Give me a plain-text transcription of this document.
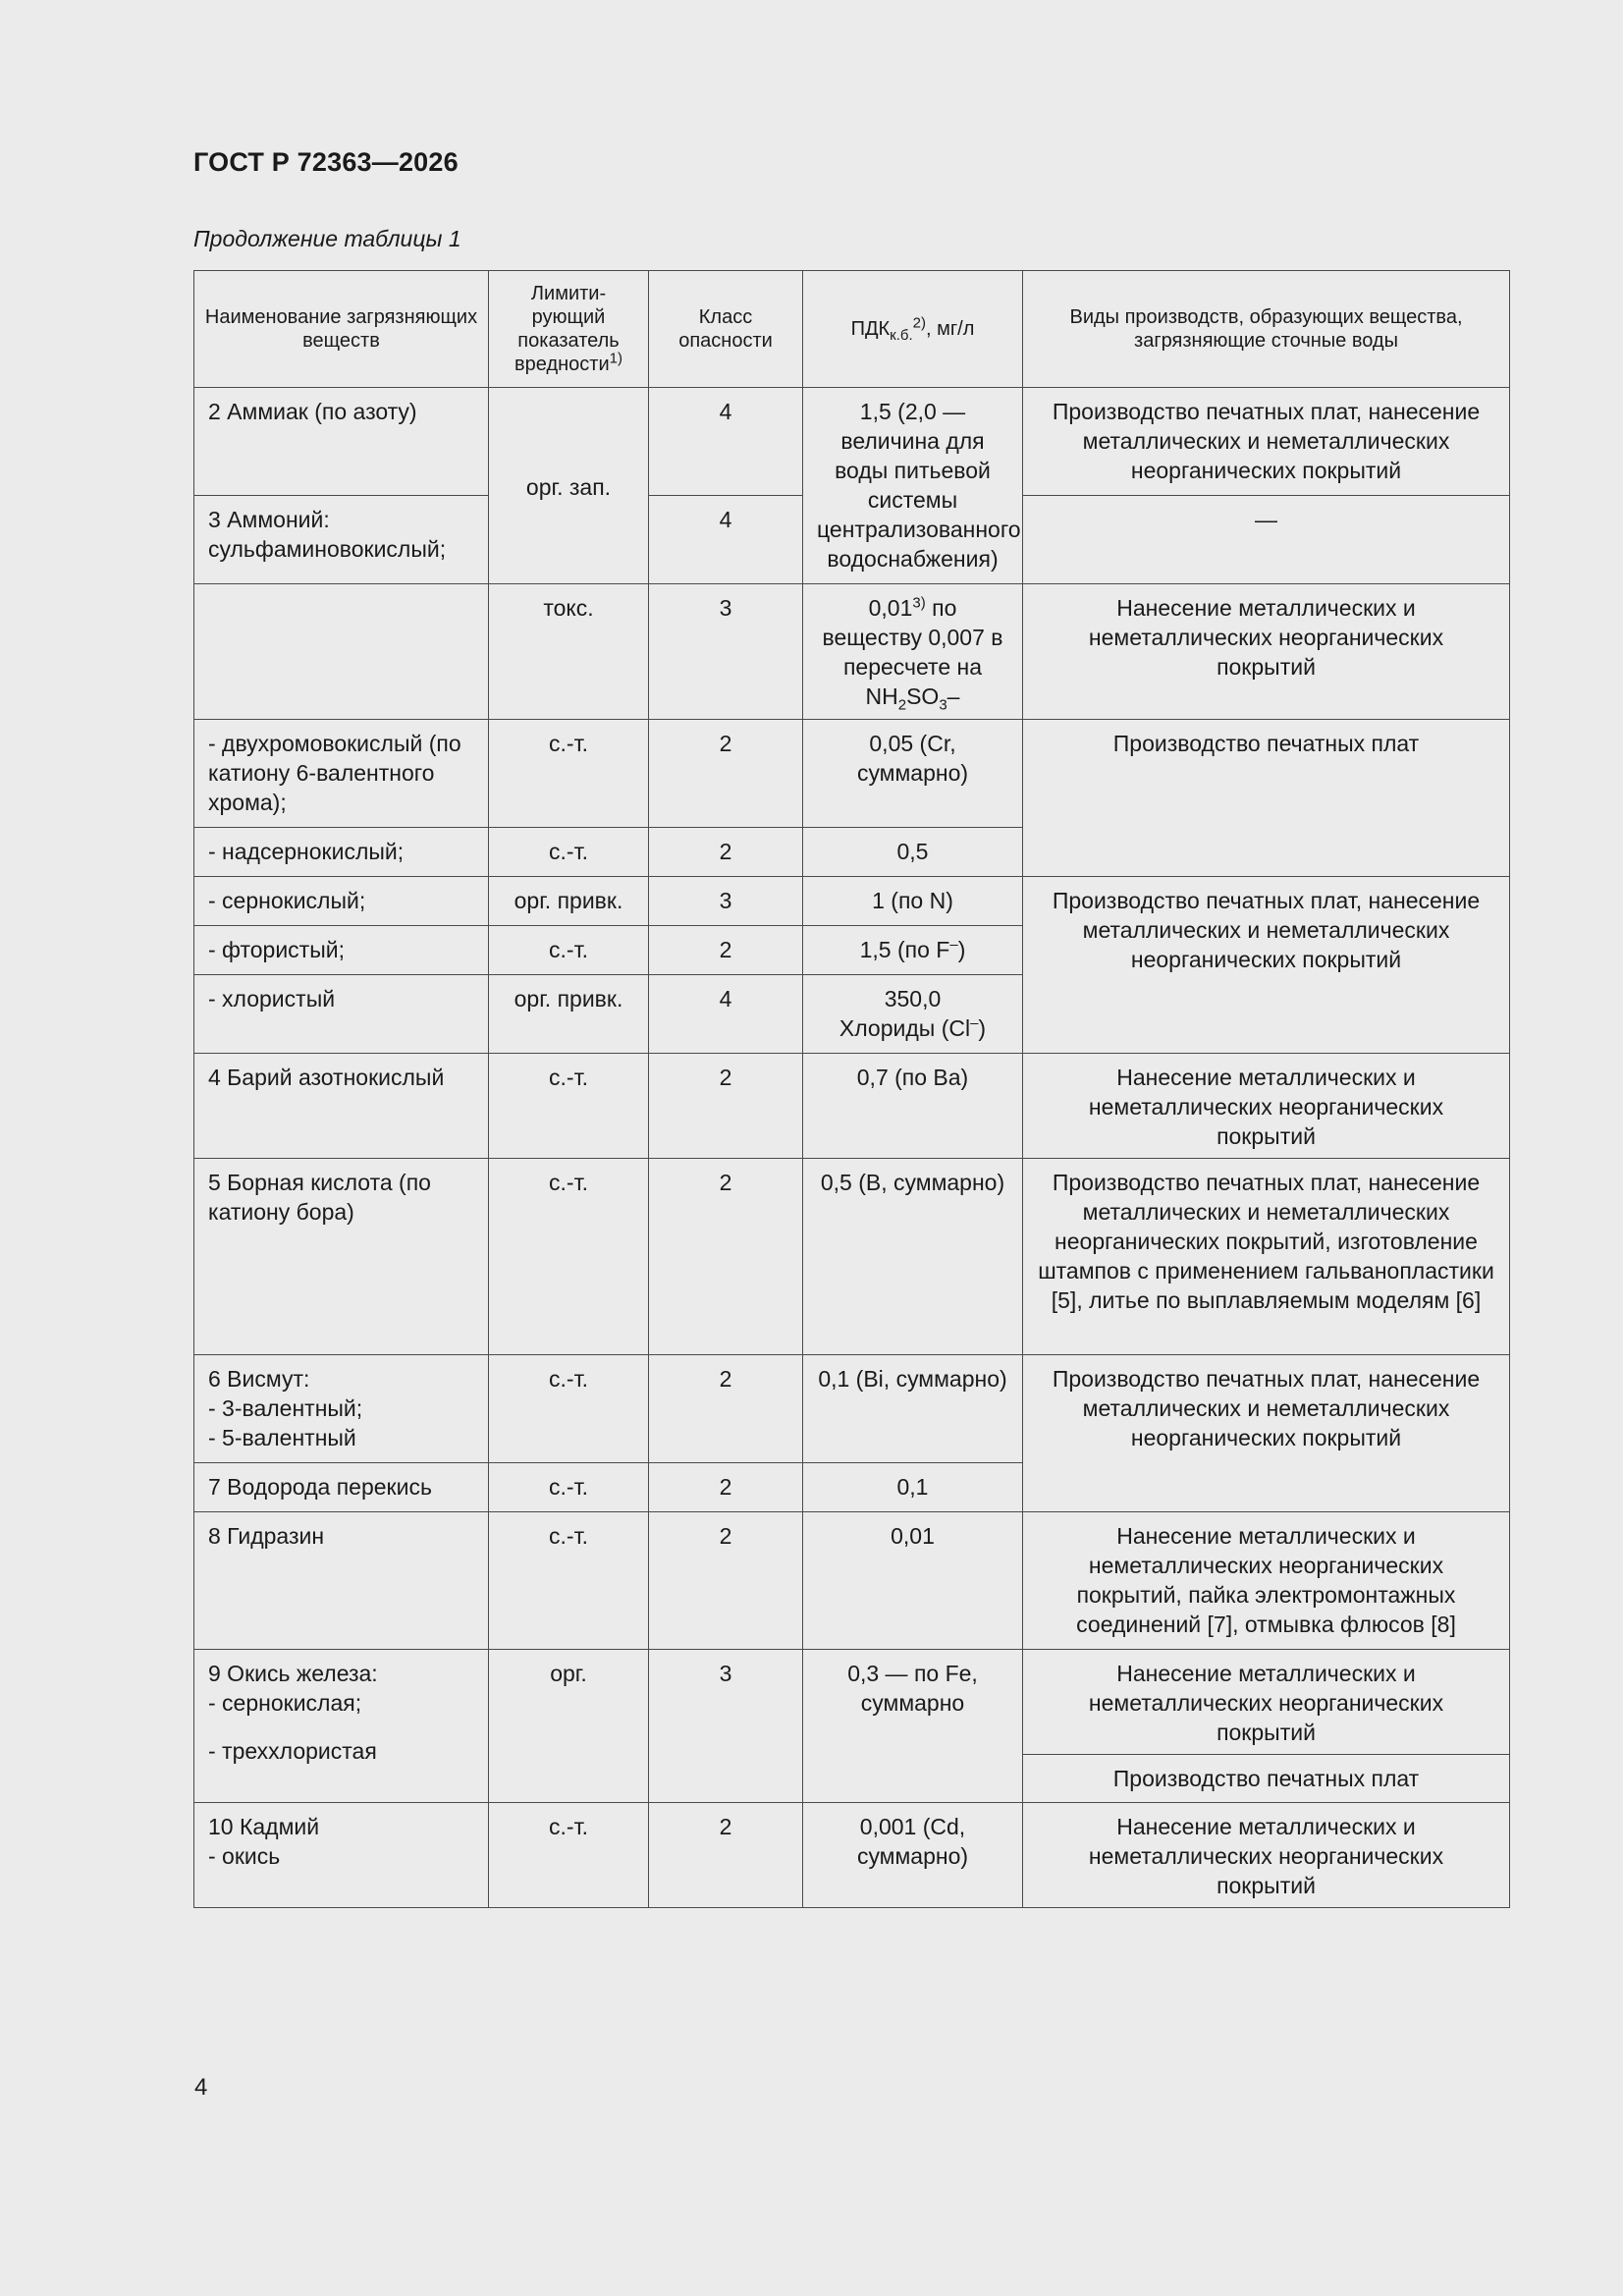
ГОСТ Р 72363—2026
Продолжение таблицы 1
Наименование загрязняющих веществ	Лимити-
рующий
показатель
вредности$^{1)}$	Класс опасности	$ПДК_{к.б.}^{2)}$, мг/л	Виды производств, образующих вещества, загрязняющие сточные воды
2 Аммиак (по азоту)	орг. зап.	4	1,5 (2,0 — величина для воды питьевой системы централизованного водоснабжения)	Производство печатных плат, нанесение металлических и неметаллических неорганических покрытий

3 Аммоний:
сульфаминовокислый;		4		—
	токс.	3	0,01$^{3)}$ по веществу 0,007 в пересчете на $NH_2SO_3-$	Нанесение металлических и неметаллических неорганических покрытий
- двухромовокислый (по катиону 6-валентного хрома);	с.-т.	2	0,05 (Cr, суммарно)	Производство печатных плат
- надсернокислый;	с.-т.	2	0,5	
- сернокислый;	орг. привк.	3	1 (по N)	Производство печатных плат, нанесение металлических и неметаллических неорганических покрытий
- фтористый;	с.-т.	2	1,5 (по F–)	
- хлористый	орг. привк.	4	350,0
Хлориды (Cl–)	

4 Барий азотнокислый	с.-т.	2	0,7 (по Ba)	Нанесение металлических и неметаллических неорганических покрытий
5 Борная кислота (по катиону бора)	с.-т.	2	0,5 (B, суммарно)	Производство печатных плат, нанесение металлических и неметаллических неорганических покрытий, изготовление штампов с применением гальванопластики [5], литье по выплавляемым моделям [6]

6 Висмут:
- 3-валентный;
- 5-валентный	с.-т.	2	0,1 (Bi, суммарно)	Производство печатных плат, нанесение металлических и неметаллических неорганических покрытий
7 Водорода перекись	с.-т.	2	0,1	
8 Гидразин	с.-т.	2	0,01	Нанесение металлических и неметаллических неорганических покрытий, пайка электромонтажных соединений [7], отмывка флюсов [8]

9 Окись железа:
- сернокислая;
- треххлористая	орг.	3	0,3 — по Fe, суммарно	Нанесение металлических и неметаллических неорганических покрытий
				Производство печатных плат

10 Кадмий
- окись	с.-т.	2	0,001 (Cd, суммарно)	Нанесение металлических и неметаллических неорганических покрытий
4
